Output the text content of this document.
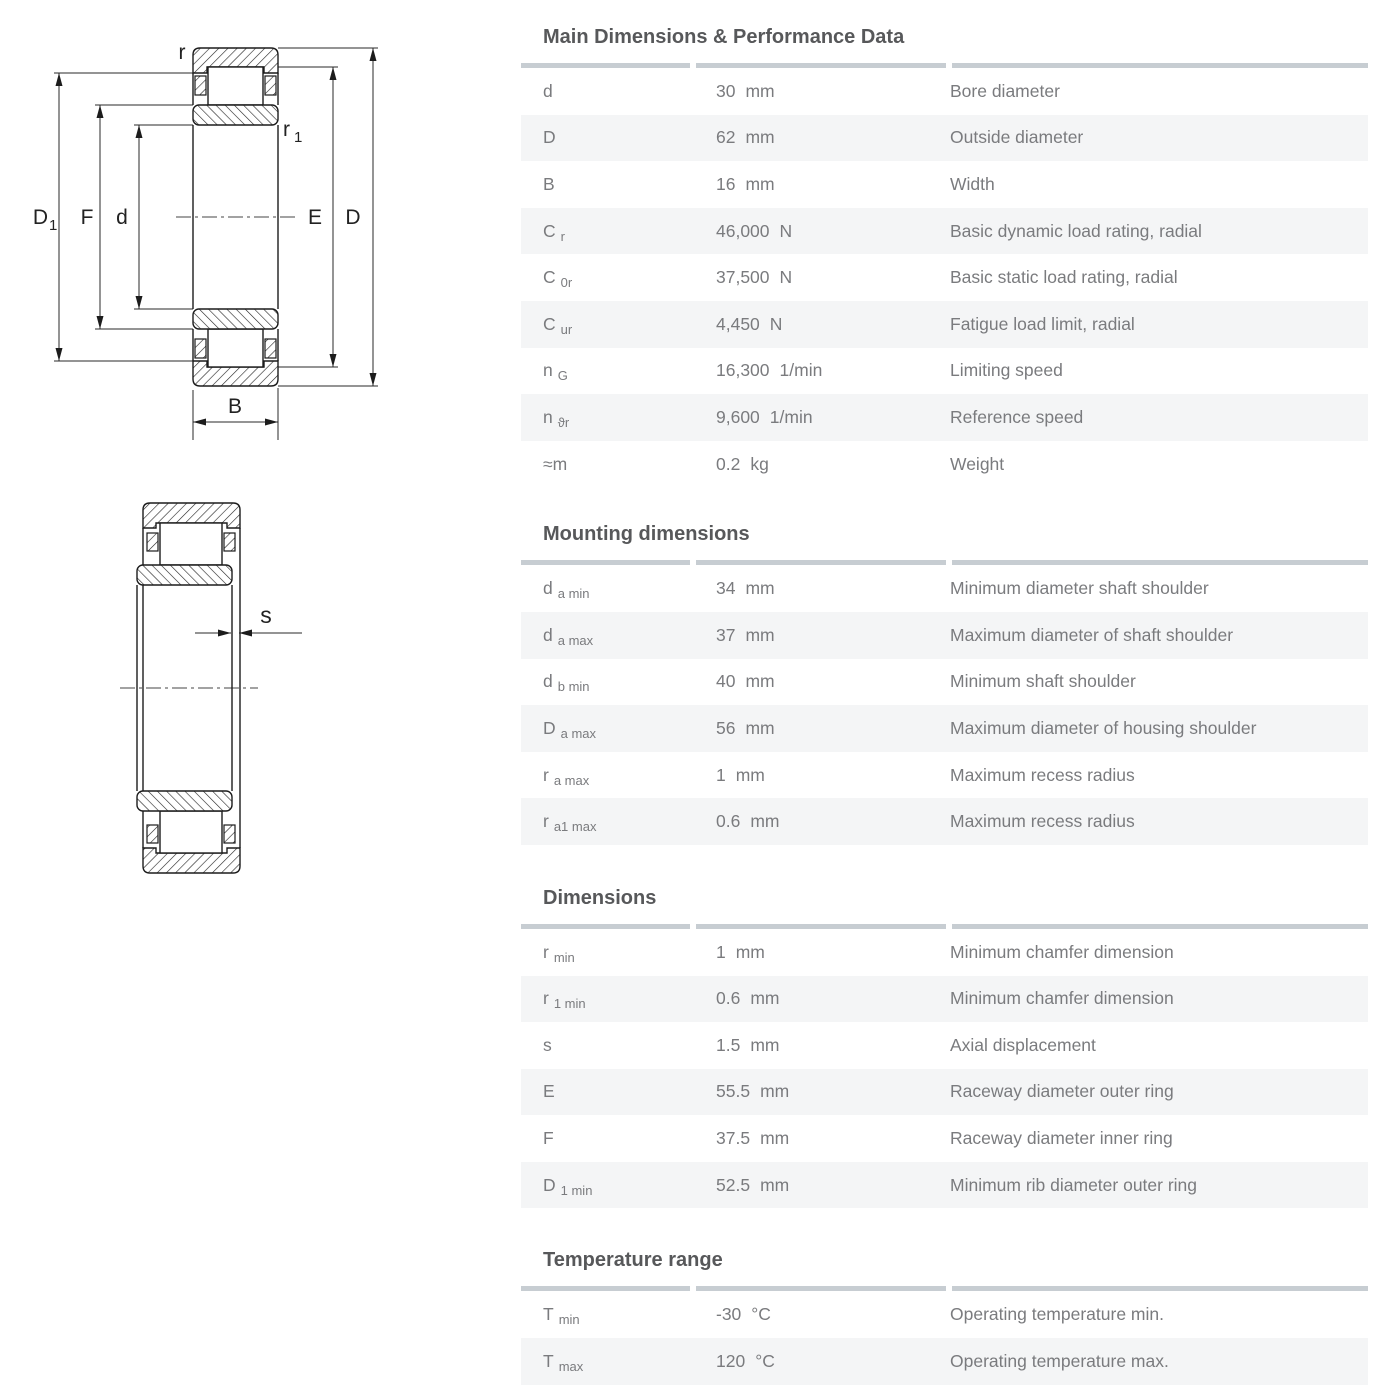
r
r 1
D 1 F d	E D
B
s
Main Dimensions & Performance Data
d	30 mm	Bore diameter
D	62 mm	Outside diameter
B	16 mm	Width
C $_r$	46,000 N	Basic dynamic load rating, radial
C $_{0r}$	37,500 N	Basic static load rating, radial
C $_{ur}$	4,450 N	Fatigue load limit, radial
n $_G$	16,300 1/min	Limiting speed
n $_{ϑr}$	9,600 1/min	Reference speed
≈m	0.2 kg	Weight
Mounting dimensions
d $_{a min}$	34 mm	Minimum diameter shaft shoulder
d $_{a max}$	37 mm	Maximum diameter of shaft shoulder
d $_{b min}$	40 mm	Minimum shaft shoulder
D $_{a max}$	56 mm	Maximum diameter of housing shoulder
r $_{a max}$	1 mm	Maximum recess radius
r $_{a1 max}$	0.6 mm	Maximum recess radius
Dimensions
r $_{min}$	1 mm	Minimum chamfer dimension
r $_{1 min}$	0.6 mm	Minimum chamfer dimension
s	1.5 mm	Axial displacement
E	55.5 mm	Raceway diameter outer ring
F	37.5 mm	Raceway diameter inner ring
D $_{1 min}$	52.5 mm	Minimum rib diameter outer ring
Temperature range
T $_{min}$	-30 °C	Operating temperature min.
T $_{max}$	120 °C	Operating temperature max.
